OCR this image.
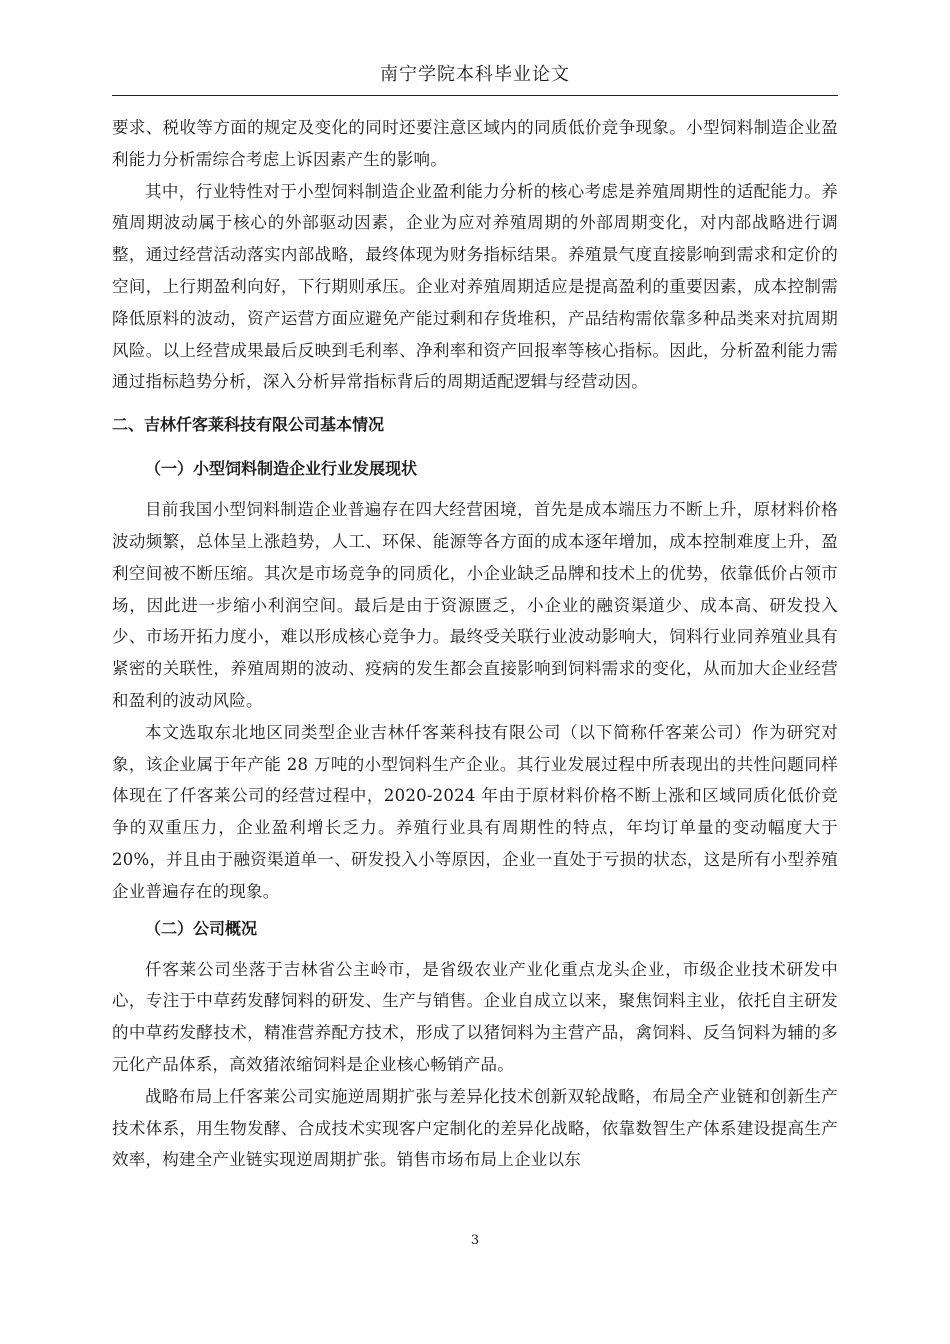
南宁学院本科毕业论文

要求、税收等方面的规定及变化的同时还要注意区域内的同质低价竞争现象。小型饲料制造企业盈利能力分析需综合考虑上诉因素产生的影响。

其中，行业特性对于小型饲料制造企业盈利能力分析的核心考虑是养殖周期性的适配能力。养殖周期波动属于核心的外部驱动因素，企业为应对养殖周期的外部周期变化，对内部战略进行调整，通过经营活动落实内部战略，最终体现为财务指标结果。养殖景气度直接影响到需求和定价的空间，上行期盈利向好，下行期则承压。企业对养殖周期适应是提高盈利的重要因素，成本控制需降低原料的波动，资产运营方面应避免产能过剩和存货堆积，产品结构需依靠多种品类来对抗周期风险。以上经营成果最后反映到毛利率、净利率和资产回报率等核心指标。因此，分析盈利能力需通过指标趋势分析，深入分析异常指标背后的周期适配逻辑与经营动因。

二、吉林仟客莱科技有限公司基本情况
（一）小型饲料制造企业行业发展现状

目前我国小型饲料制造企业普遍存在四大经营困境，首先是成本端压力不断上升，原材料价格波动频繁，总体呈上涨趋势，人工、环保、能源等各方面的成本逐年增加，成本控制难度上升，盈利空间被不断压缩。其次是市场竞争的同质化，小企业缺乏品牌和技术上的优势，依靠低价占领市场，因此进一步缩小利润空间。最后是由于资源匮乏，小企业的融资渠道少、成本高、研发投入少、市场开拓力度小，难以形成核心竞争力。最终受关联行业波动影响大，饲料行业同养殖业具有紧密的关联性，养殖周期的波动、疫病的发生都会直接影响到饲料需求的变化，从而加大企业经营和盈利的波动风险。

本文选取东北地区同类型企业吉林仟客莱科技有限公司（以下简称仟客莱公司）作为研究对象，该企业属于年产能 28 万吨的小型饲料生产企业。其行业发展过程中所表现出的共性问题同样体现在了仟客莱公司的经营过程中，2020-2024 年由于原材料价格不断上涨和区域同质化低价竞争的双重压力，企业盈利增长乏力。养殖行业具有周期性的特点，年均订单量的变动幅度大于 20%，并且由于融资渠道单一、研发投入小等原因，企业一直处于亏损的状态，这是所有小型养殖企业普遍存在的现象。

（二）公司概况

仟客莱公司坐落于吉林省公主岭市，是省级农业产业化重点龙头企业，市级企业技术研发中心，专注于中草药发酵饲料的研发、生产与销售。企业自成立以来，聚焦饲料主业，依托自主研发的中草药发酵技术，精准营养配方技术，形成了以猪饲料为主营产品，禽饲料、反刍饲料为辅的多元化产品体系，高效猪浓缩饲料是企业核心畅销产品。

战略布局上仟客莱公司实施逆周期扩张与差异化技术创新双轮战略，布局全产业链和创新生产技术体系，用生物发酵、合成技术实现客户定制化的差异化战略，依靠数智生产体系建设提高生产效率，构建全产业链实现逆周期扩张。销售市场布局上企业以东

3
